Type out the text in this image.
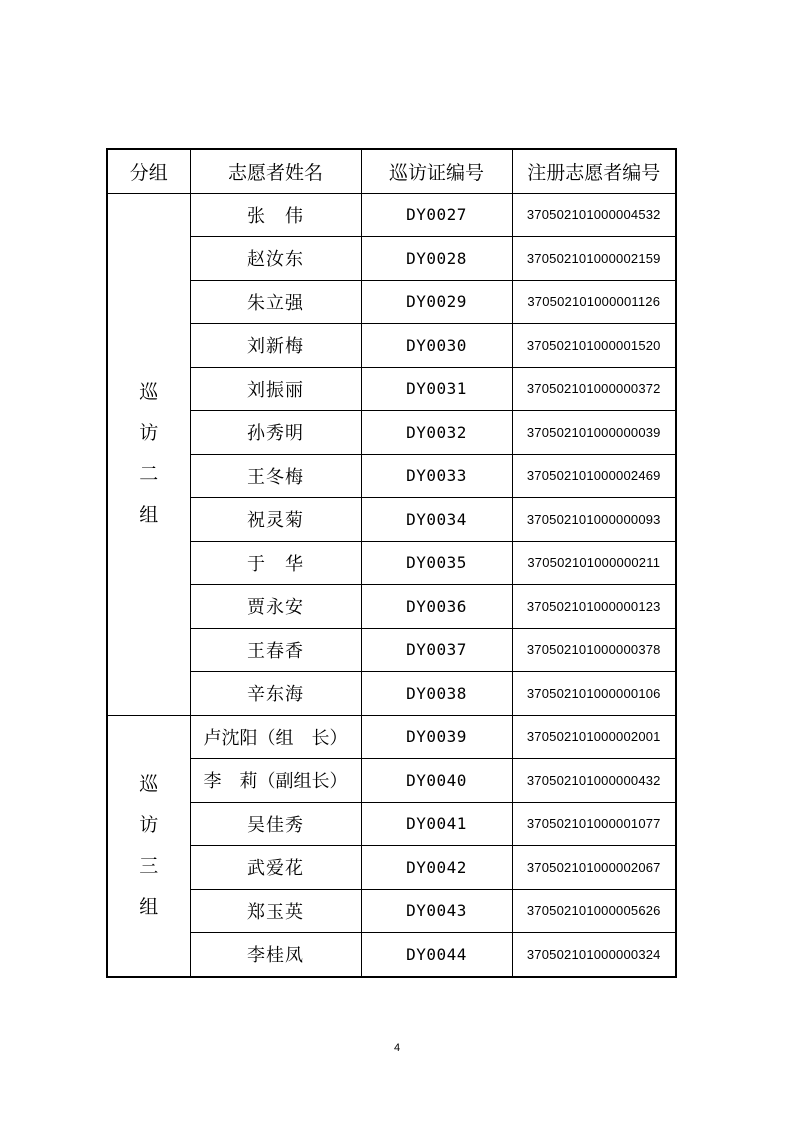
分组	志愿者姓名	巡访证编号	注册志愿者编号

巡
访
二
组	张　伟	DY0027	370502101000004532
	赵汝东	DY0028	370502101000002159
	朱立强	DY0029	370502101000001126
	刘新梅	DY0030	370502101000001520
	刘振丽	DY0031	370502101000000372
	孙秀明	DY0032	370502101000000039
	王冬梅	DY0033	370502101000002469
	祝灵菊	DY0034	370502101000000093
	于　华	DY0035	370502101000000211
	贾永安	DY0036	370502101000000123
	王春香	DY0037	370502101000000378
	辛东海	DY0038	370502101000000106

巡
访
三
组	卢沈阳（组　长）	DY0039	370502101000002001
	李　莉（副组长）	DY0040	370502101000000432
	吴佳秀	DY0041	370502101000001077
	武爱花	DY0042	370502101000002067
	郑玉英	DY0043	370502101000005626
	李桂凤	DY0044	370502101000000324
4
